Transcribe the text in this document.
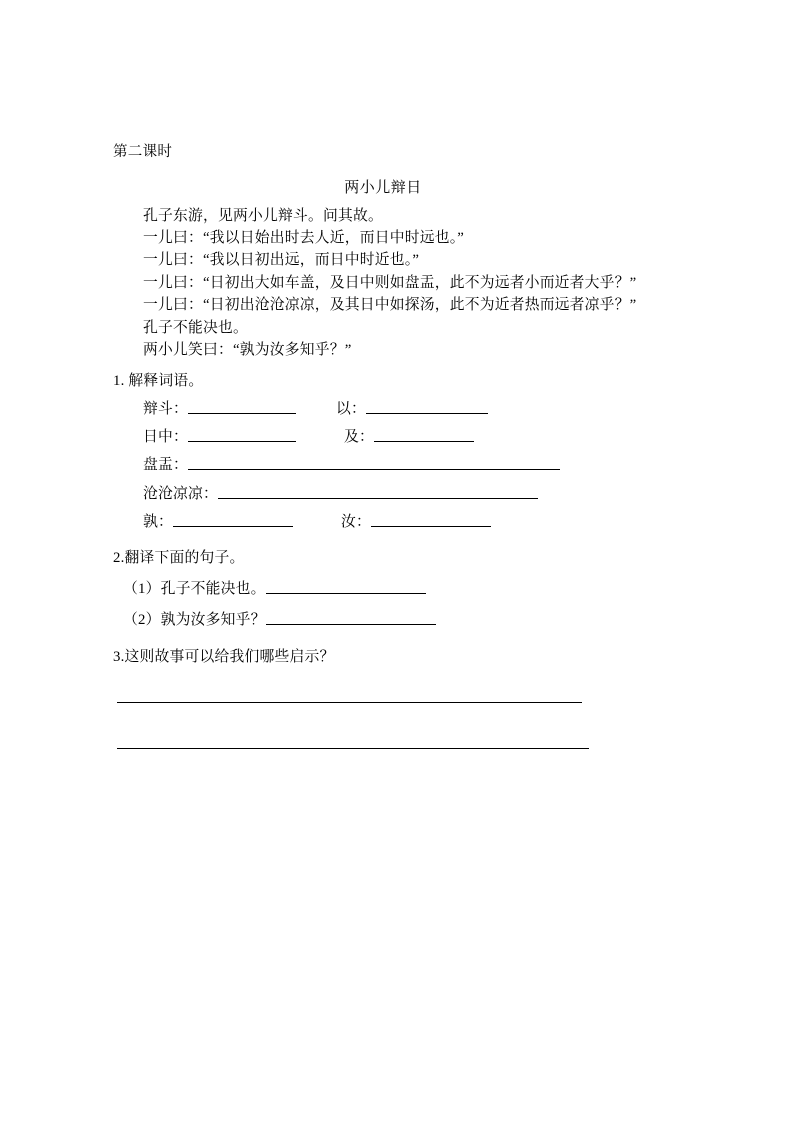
第二课时
两小儿辩日

孔子东游，见两小儿辩斗。问其故。

一儿曰：“我以日始出时去人近，而日中时远也。”

一儿曰：“我以日初出远，而日中时近也。”

一儿曰：“日初出大如车盖，及日中则如盘盂，此不为远者小而近者大乎？”

一儿曰：“日初出沧沧凉凉，及其日中如探汤，此不为近者热而远者凉乎？”

孔子不能决也。

两小儿笑曰：“孰为汝多知乎？”

1. 解释词语。

辩斗：	以：

日中：	及：

盘盂：

沧沧凉凉：

孰：	汝：

2.翻译下面的句子。

（1）孔子不能决也。

（2）孰为汝多知乎？

3.这则故事可以给我们哪些启示？
